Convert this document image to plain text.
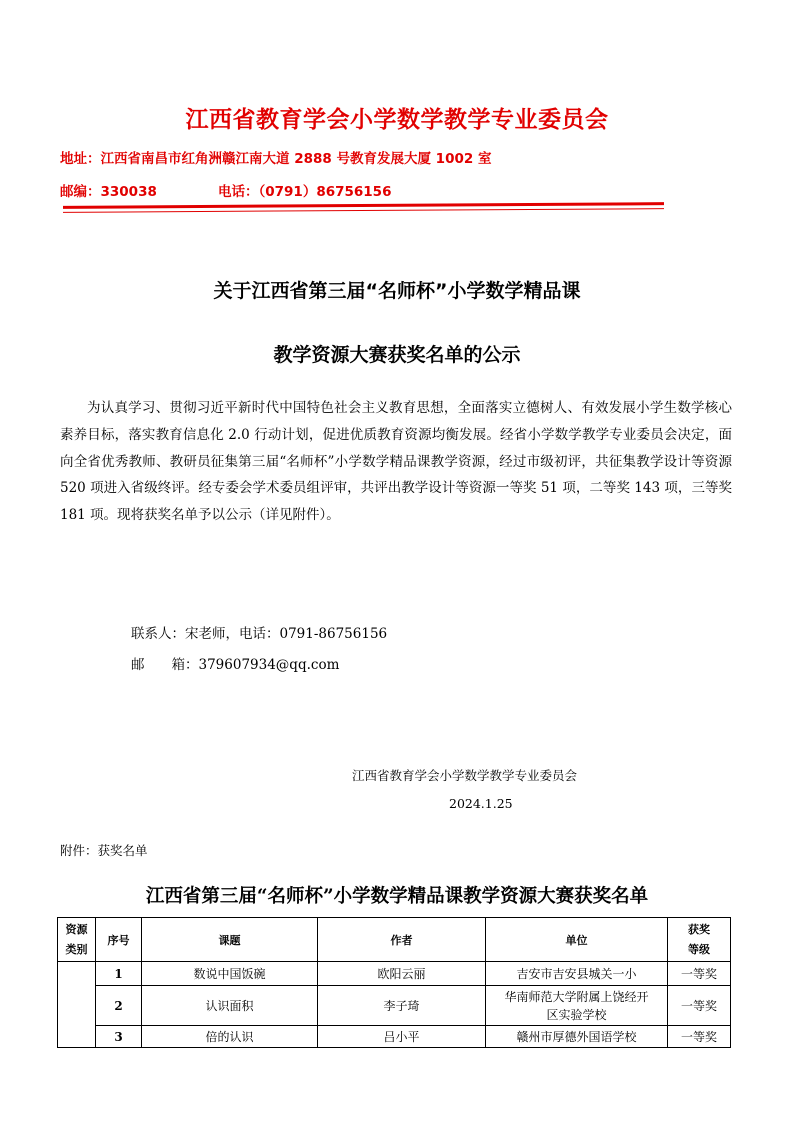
江西省教育学会小学数学教学专业委员会
地址：江西省南昌市红角洲赣江南大道 2888 号教育发展大厦 1002 室
邮编：330038	电话：（0791）86756156
关于江西省第三届“名师杯”小学数学精品课
教学资源大赛获奖名单的公示

为认真学习、贯彻习近平新时代中国特色社会主义教育思想，全面落实立德树人、有效发展小学生数学核心素养目标，落实教育信息化 2.0 行动计划，促进优质教育资源均衡发展。经省小学数学教学专业委员会决定，面向全省优秀教师、教研员征集第三届“名师杯”小学数学精品课教学资源，经过市级初评，共征集教学设计等资源 520 项进入省级终评。经专委会学术委员组评审，共评出教学设计等资源一等奖 51 项，二等奖 143 项，三等奖 181 项。现将获奖名单予以公示（详见附件）。

联系人：宋老师，电话：0791-86756156
邮　　箱：379607934@qq.com
江西省教育学会小学数学教学专业委员会
2024.1.25
附件：获奖名单
江西省第三届“名师杯”小学数学精品课教学资源大赛获奖名单
资源
类别	序号	课题	作者	单位	获奖
等级
	1	数说中国饭碗	欧阳云丽	吉安市吉安县城关一小	一等奖
	2	认识面积	李子琦	华南师范大学附属上饶经开
区实验学校	一等奖
	3	倍的认识	吕小平	赣州市厚德外国语学校	一等奖
